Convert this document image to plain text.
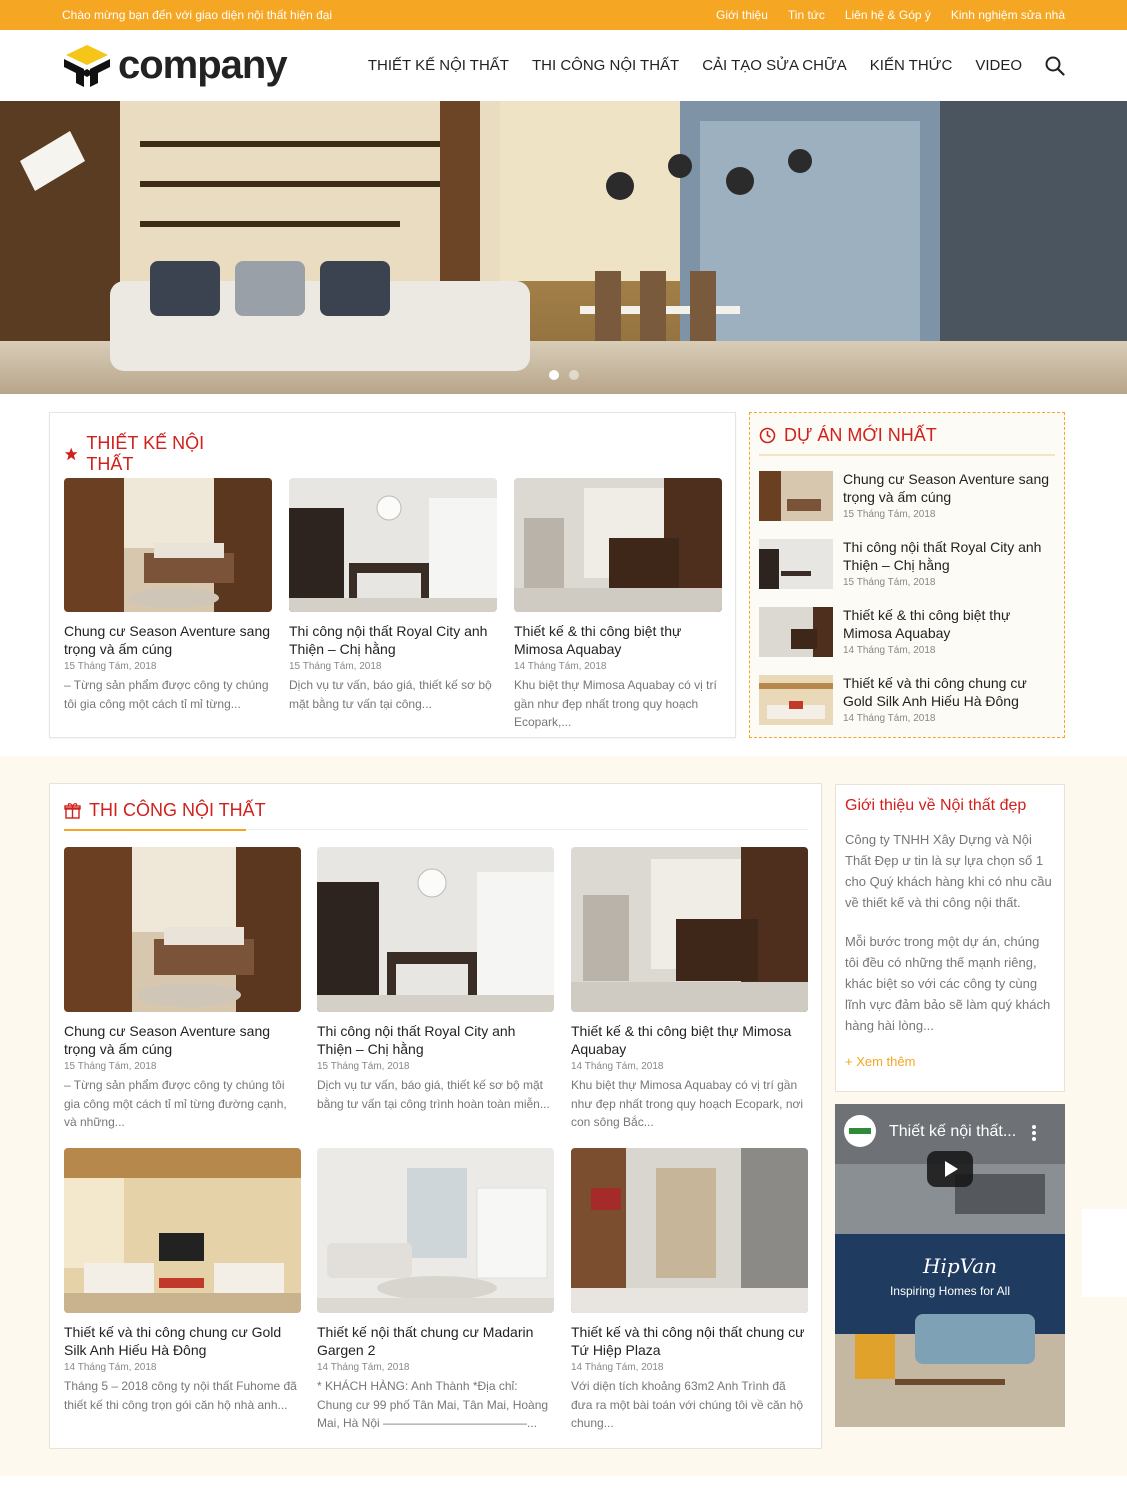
Chào mừng bạn đến với giao diện nội thất hiện đại	Giới thiệu Tin tức Liên hệ & Góp ý Kinh nghiệm sửa nhà
company	THIẾT KẾ NỘI THẤT THI CÔNG NỘI THẤT CẢI TẠO SỬA CHỮA KIẾN THỨC VIDEO
THIẾT KẾ NỘI THẤT
Chung cư Season Aventure sang trọng và ấm cúng
15 Tháng Tám, 2018
– Từng sản phẩm được công ty chúng tôi gia công một cách tỉ mỉ từng...
Thi công nội thất Royal City anh Thiện – Chị hằng
15 Tháng Tám, 2018
Dịch vụ tư vấn, báo giá, thiết kế sơ bộ mặt bằng tư vấn tại công...
Thiết kế & thi công biệt thự Mimosa Aquabay
14 Tháng Tám, 2018
Khu biệt thự Mimosa Aquabay có vị trí gần như đẹp nhất trong quy hoạch Ecopark,...
DỰ ÁN MỚI NHẤT
Chung cư Season Aventure sang trọng và ấm cúng
15 Tháng Tám, 2018
Thi công nội thất Royal City anh Thiện – Chị hằng
15 Tháng Tám, 2018
Thiết kế & thi công biệt thự Mimosa Aquabay
14 Tháng Tám, 2018
Thiết kế và thi công chung cư Gold Silk Anh Hiếu Hà Đông
14 Tháng Tám, 2018
THI CÔNG NỘI THẤT
Chung cư Season Aventure sang trọng và ấm cúng
15 Tháng Tám, 2018
– Từng sản phẩm được công ty chúng tôi gia công một cách tỉ mỉ từng đường cạnh, và những...
Thi công nội thất Royal City anh Thiện – Chị hằng
15 Tháng Tám, 2018
Dịch vụ tư vấn, báo giá, thiết kế sơ bộ mặt bằng tư vấn tại công trình hoàn toàn miễn...
Thiết kế & thi công biệt thự Mimosa Aquabay
14 Tháng Tám, 2018
Khu biệt thự Mimosa Aquabay có vị trí gần như đẹp nhất trong quy hoạch Ecopark, nơi con sông Bắc...
Thiết kế và thi công chung cư Gold Silk Anh Hiếu Hà Đông
14 Tháng Tám, 2018
Tháng 5 – 2018 công ty nội thất Fuhome đã thiết kế thi công trọn gói căn hộ nhà anh...
Thiết kế nội thất chung cư Madarin Gargen 2
14 Tháng Tám, 2018
* KHÁCH HÀNG: Anh Thành *Địa chỉ: Chung cư 99 phố Tân Mai, Tân Mai, Hoàng Mai, Hà Nội ————————————...
Thiết kế và thi công nội thất chung cư Tứ Hiệp Plaza
14 Tháng Tám, 2018
Với diện tích khoảng 63m2 Anh Trình đã đưa ra một bài toán với chúng tôi về căn hộ chung...
Giới thiệu về Nội thất đẹp

Công ty TNHH Xây Dựng và Nội Thất Đẹp ư tin là sự lựa chọn số 1 cho Quý khách hàng khi có nhu cầu về thiết kế và thi công nội thất.

Mỗi bước trong một dự án, chúng tôi đều có những thế mạnh riêng, khác biệt so với các công ty cùng lĩnh vực đảm bảo sẽ làm quý khách hàng hài lòng...

+ Xem thêm
Thiết kế nội thất...
HipVan
Inspiring Homes for All
